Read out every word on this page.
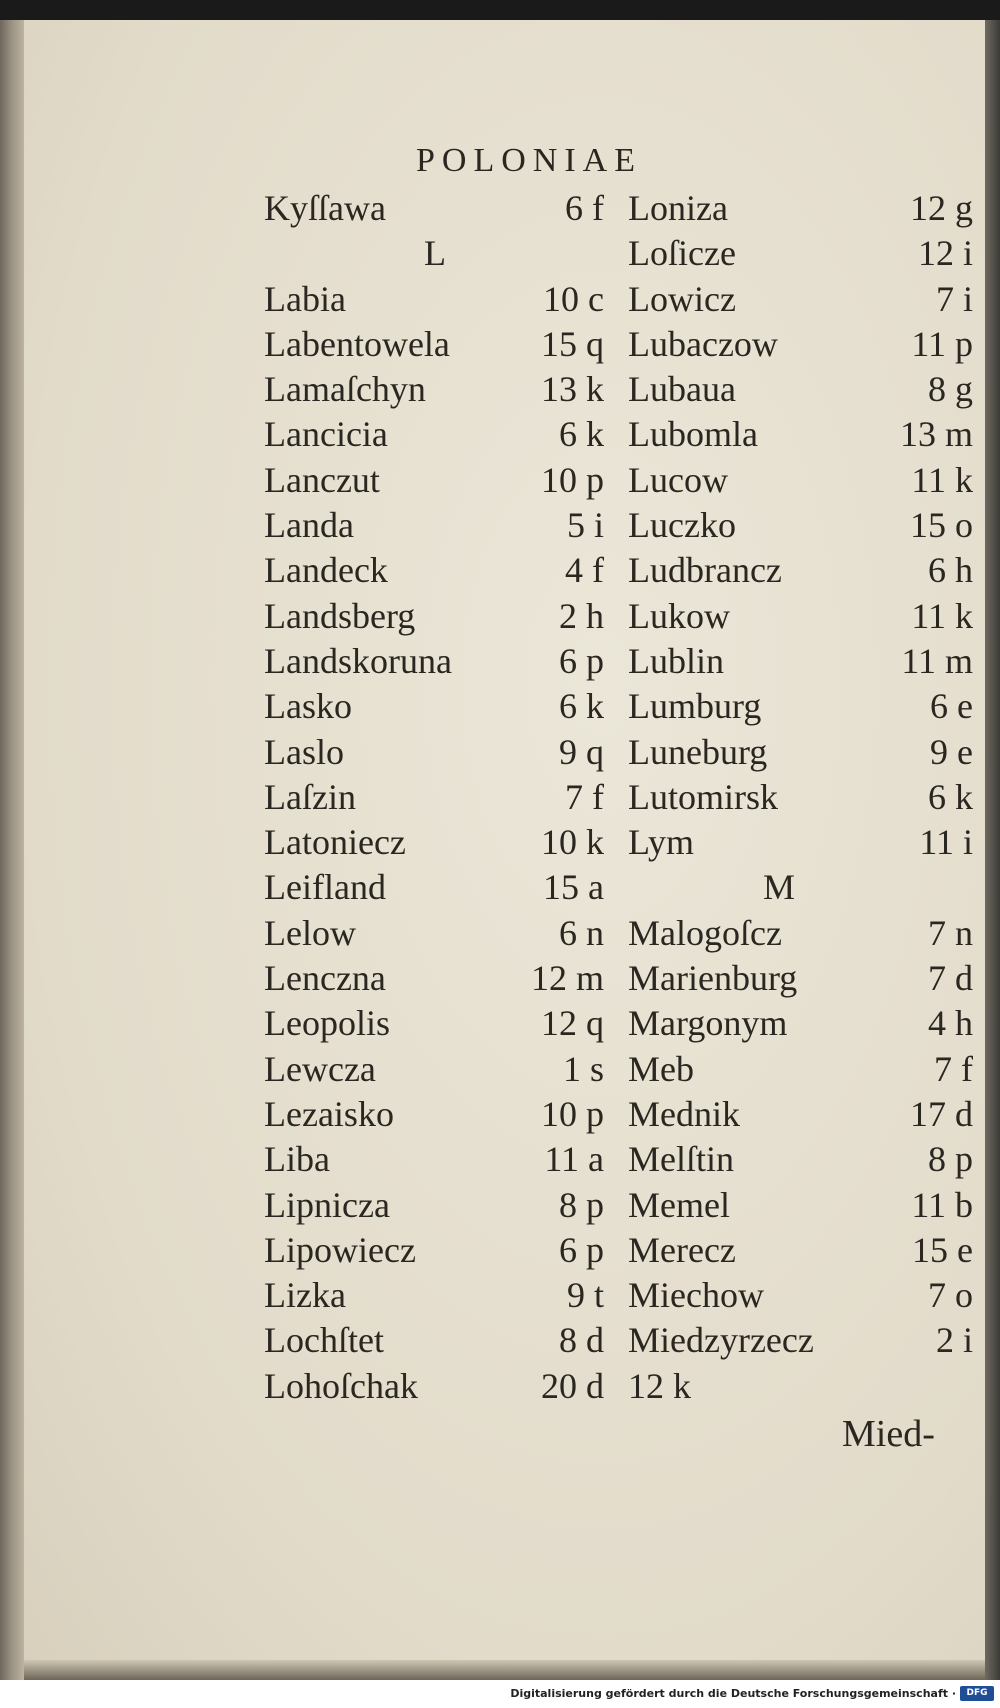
POLONIAE
Kyſſawa	6 f
L
Labia	10 c
Labentowela	15 q
Lamaſchyn	13 k
Lancicia	6 k
Lanczut	10 p
Landa	5 i
Landeck	4 f
Landsberg	2 h
Landskoruna	6 p
Lasko	6 k
Laslo	9 q
Laſzin	7 f
Latoniecz	10 k
Leifland	15 a
Lelow	6 n
Lenczna	12 m
Leopolis	12 q
Lewcza	1 s
Lezaisko	10 p
Liba	11 a
Lipnicza	8 p
Lipowiecz	6 p
Lizka	9 t
Lochſtet	8 d
Lohoſchak	20 d
Loniza	12 g
Loſicze	12 i
Lowicz	7 i
Lubaczow	11 p
Lubaua	8 g
Lubomla	13 m
Lucow	11 k
Luczko	15 o
Ludbrancz	6 h
Lukow	11 k
Lublin	11 m
Lumburg	6 e
Luneburg	9 e
Lutomirsk	6 k
Lym	11 i
M
Malogoſcz	7 n
Marienburg	7 d
Margonym	4 h
Meb	7 f
Mednik	17 d
Melſtin	8 p
Memel	11 b
Merecz	15 e
Miechow	7 o
Miedzyrzecz	2 i
12 k
Mied-
Digitalisierung gefördert durch die Deutsche Forschungsgemeinschaft ·	DFG
